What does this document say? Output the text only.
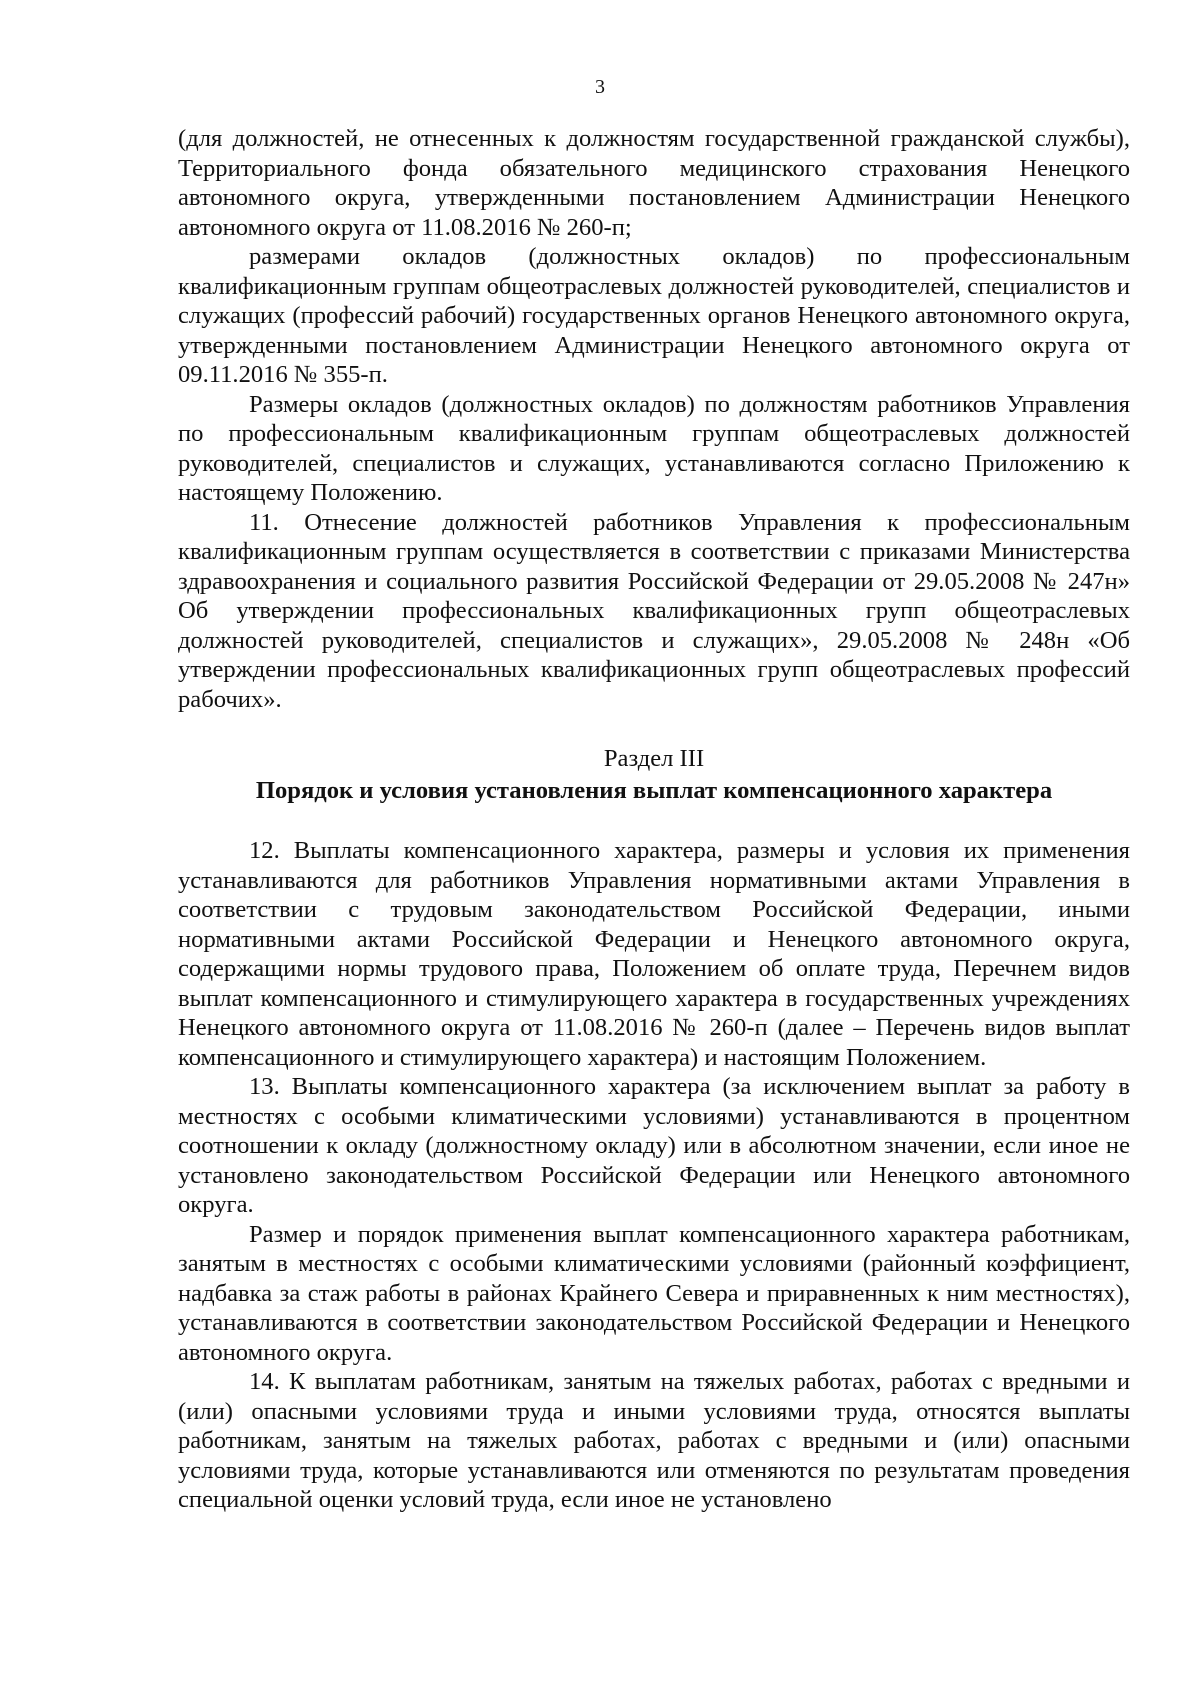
3

(для должностей, не отнесенных к должностям государственной гражданской службы), Территориального фонда обязательного медицинского страхования Ненецкого автономного округа, утвержденными постановлением Администрации Ненецкого автономного округа от 11.08.2016 № 260-п;

размерами окладов (должностных окладов) по профессиональным квалификационным группам общеотраслевых должностей руководителей, специалистов и служащих (профессий рабочий) государственных органов Ненецкого автономного округа, утвержденными постановлением Администрации Ненецкого автономного округа от 09.11.2016 № 355-п.

Размеры окладов (должностных окладов) по должностям работников Управления по профессиональным квалификационным группам общеотраслевых должностей руководителей, специалистов и служащих, устанавливаются согласно Приложению к настоящему Положению.

11. Отнесение должностей работников Управления к профессиональным квалификационным группам осуществляется в соответствии с приказами Министерства здравоохранения и социального развития Российской Федерации от 29.05.2008 № 247н» Об утверждении профессиональных квалификационных групп общеотраслевых должностей руководителей, специалистов и служащих», 29.05.2008 № 248н «Об утверждении профессиональных квалификационных групп общеотраслевых профессий рабочих».

Раздел III
Порядок и условия установления выплат компенсационного характера

12. Выплаты компенсационного характера, размеры и условия их применения устанавливаются для работников Управления нормативными актами Управления в соответствии с трудовым законодательством Российской Федерации, иными нормативными актами Российской Федерации и Ненецкого автономного округа, содержащими нормы трудового права, Положением об оплате труда, Перечнем видов выплат компенсационного и стимулирующего характера в государственных учреждениях Ненецкого автономного округа от 11.08.2016 № 260-п (далее – Перечень видов выплат компенсационного и стимулирующего характера) и настоящим Положением.

13. Выплаты компенсационного характера (за исключением выплат за работу в местностях с особыми климатическими условиями) устанавливаются в процентном соотношении к окладу (должностному окладу) или в абсолютном значении, если иное не установлено законодательством Российской Федерации или Ненецкого автономного округа.

Размер и порядок применения выплат компенсационного характера работникам, занятым в местностях с особыми климатическими условиями (районный коэффициент, надбавка за стаж работы в районах Крайнего Севера и приравненных к ним местностях), устанавливаются в соответствии законодательством Российской Федерации и Ненецкого автономного округа.

14. К выплатам работникам, занятым на тяжелых работах, работах с вредными и (или) опасными условиями труда и иными условиями труда, относятся выплаты работникам, занятым на тяжелых работах, работах с вредными и (или) опасными условиями труда, которые устанавливаются или отменяются по результатам проведения специальной оценки условий труда, если иное не установлено
